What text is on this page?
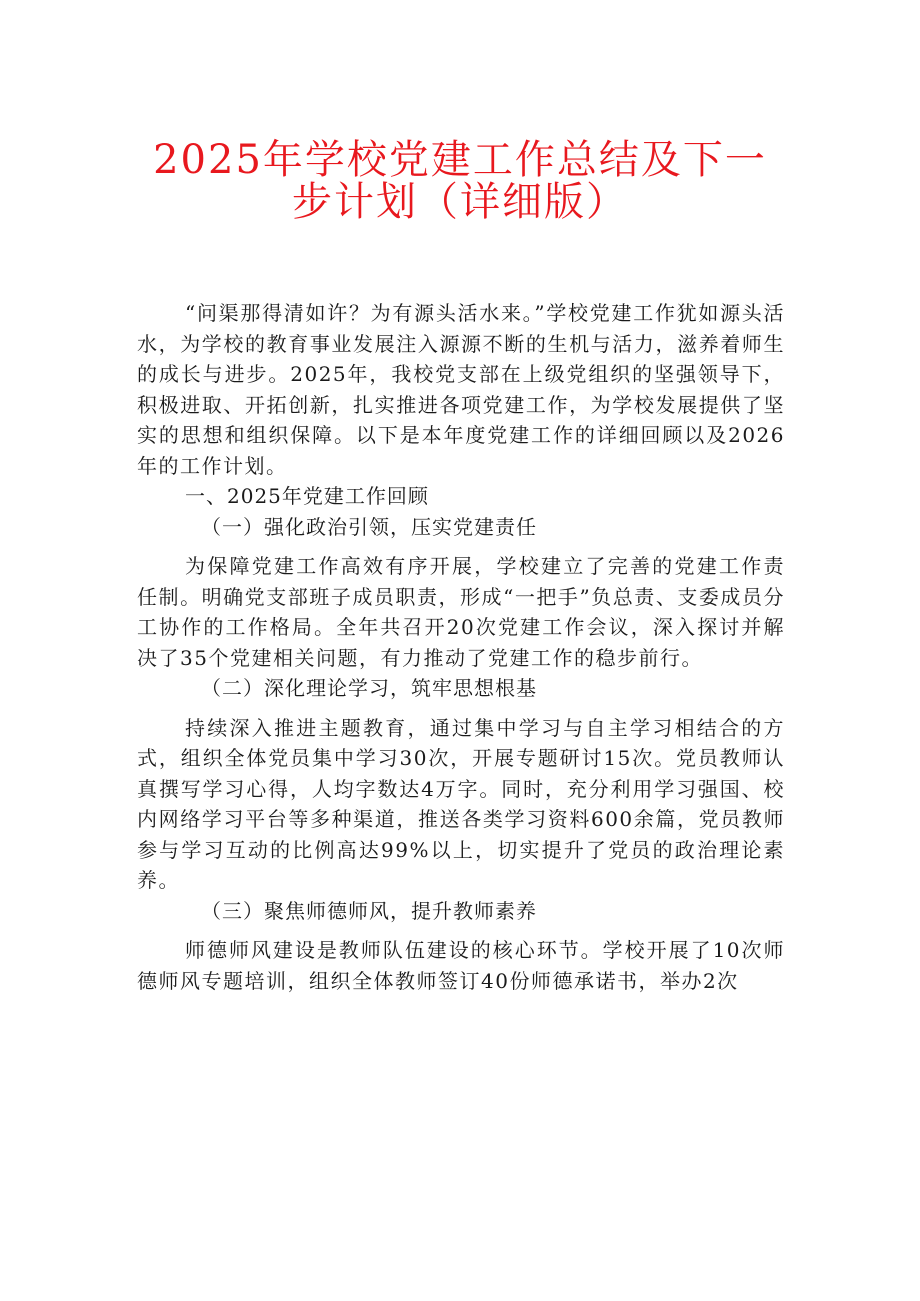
2025年学校党建工作总结及下一
步计划（详细版）

“问渠那得清如许？为有源头活水来。”学校党建工作犹如源头活水，为学校的教育事业发展注入源源不断的生机与活力，滋养着师生的成长与进步。2025年，我校党支部在上级党组织的坚强领导下，积极进取、开拓创新，扎实推进各项党建工作，为学校发展提供了坚实的思想和组织保障。以下是本年度党建工作的详细回顾以及2026年的工作计划。

一、2025年党建工作回顾

（一）强化政治引领，压实党建责任

为保障党建工作高效有序开展，学校建立了完善的党建工作责任制。明确党支部班子成员职责，形成“一把手”负总责、支委成员分工协作的工作格局。全年共召开20次党建工作会议，深入探讨并解决了35个党建相关问题，有力推动了党建工作的稳步前行。

（二）深化理论学习，筑牢思想根基

持续深入推进主题教育，通过集中学习与自主学习相结合的方式，组织全体党员集中学习30次，开展专题研讨15次。党员教师认真撰写学习心得，人均字数达4万字。同时，充分利用学习强国、校内网络学习平台等多种渠道，推送各类学习资料600余篇，党员教师参与学习互动的比例高达99%以上，切实提升了党员的政治理论素养。

（三）聚焦师德师风，提升教师素养

师德师风建设是教师队伍建设的核心环节。学校开展了10次师德师风专题培训，组织全体教师签订40份师德承诺书，举办2次
